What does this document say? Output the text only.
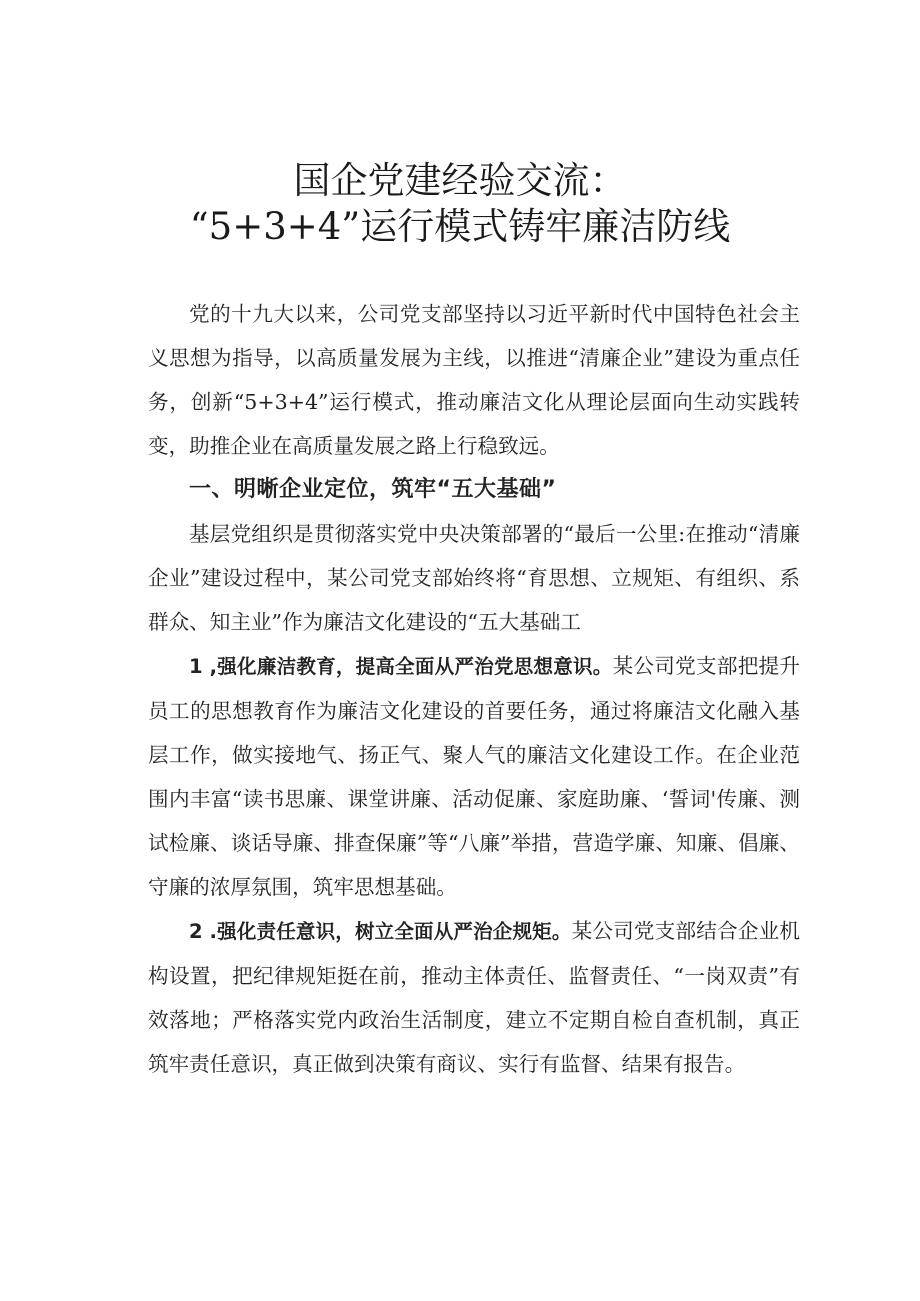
国企党建经验交流：
“5+3+4”运行模式铸牢廉洁防线

党的十九大以来，公司党支部坚持以习近平新时代中国特色社会主义思想为指导，以高质量发展为主线，以推进“清廉企业”建设为重点任务，创新“5+3+4”运行模式，推动廉洁文化从理论层面向生动实践转变，助推企业在高质量发展之路上行稳致远。

一、明晰企业定位，筑牢“五大基础”

基层党组织是贯彻落实党中央决策部署的“最后一公里:在推动“清廉企业”建设过程中，某公司党支部始终将“育思想、立规矩、有组织、系群众、知主业”作为廉洁文化建设的“五大基础工

1 ,强化廉洁教育，提高全面从严治党思想意识。某公司党支部把提升员工的思想教育作为廉洁文化建设的首要任务，通过将廉洁文化融入基层工作，做实接地气、扬正气、聚人气的廉洁文化建设工作。在企业范围内丰富“读书思廉、课堂讲廉、活动促廉、家庭助廉、‘誓词'传廉、测试检廉、谈话导廉、排查保廉”等“八廉”举措，营造学廉、知廉、倡廉、守廉的浓厚氛围，筑牢思想基础。

2 .强化责任意识，树立全面从严治企规矩。某公司党支部结合企业机构设置，把纪律规矩挺在前，推动主体责任、监督责任、“一岗双责”有效落地；严格落实党内政治生活制度，建立不定期自检自查机制，真正筑牢责任意识，真正做到决策有商议、实行有监督、结果有报告。
